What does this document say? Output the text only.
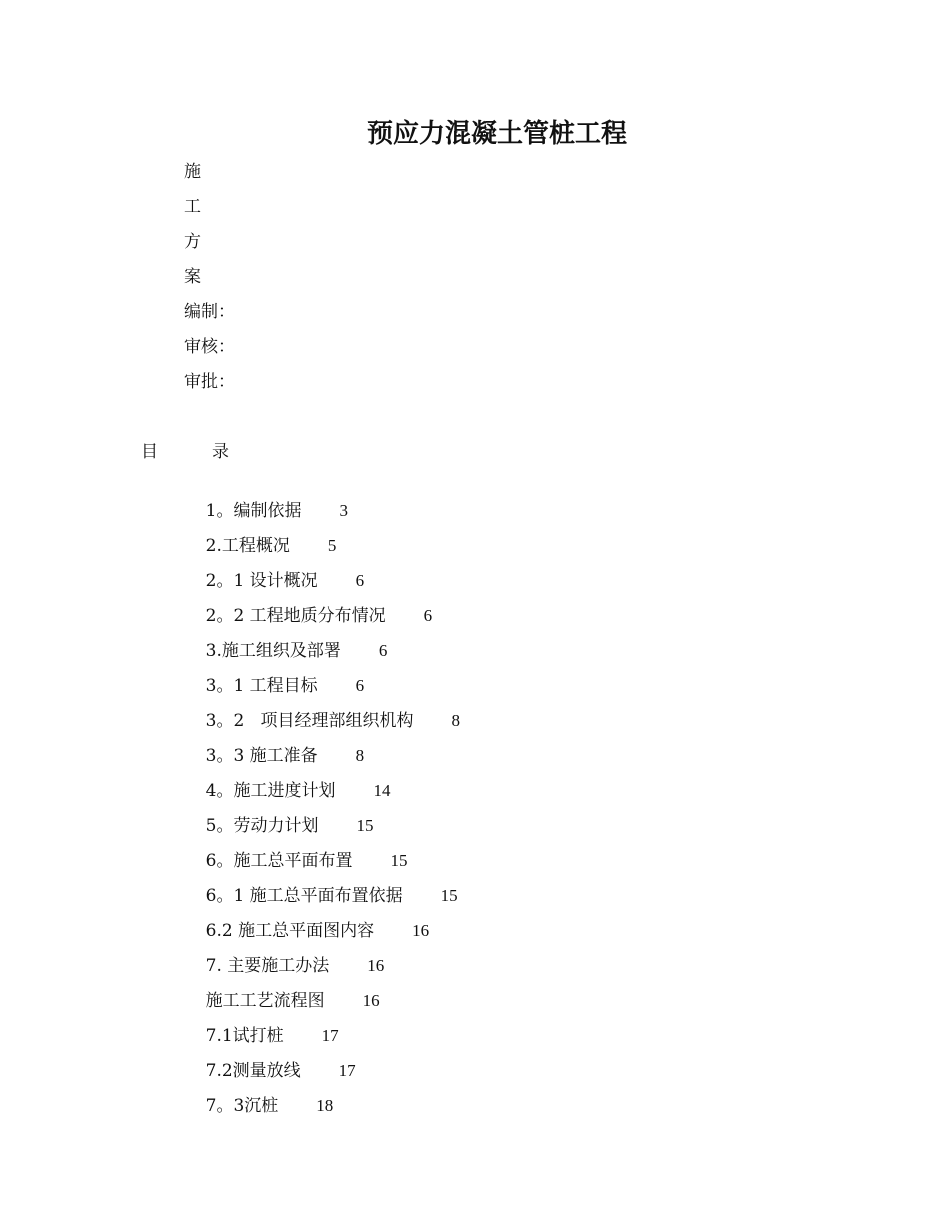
预应力混凝土管桩工程
施
工
方
案
编制：
审核：
审批：
目	录

1。编制依据 3

2.工程概况 5

2。1 设计概况 6

2。2 工程地质分布情况 6

3.施工组织及部署 6

3。1 工程目标 6

3。2   项目经理部组织机构 8

3。3 施工准备 8

4。施工进度计划 14

5。劳动力计划 15

6。施工总平面布置 15

6。1 施工总平面布置依据 15

6.2 施工总平面图内容 16

7. 主要施工办法 16

施工工艺流程图 16

7.1试打桩 17

7.2测量放线 17

7。3沉桩 18
